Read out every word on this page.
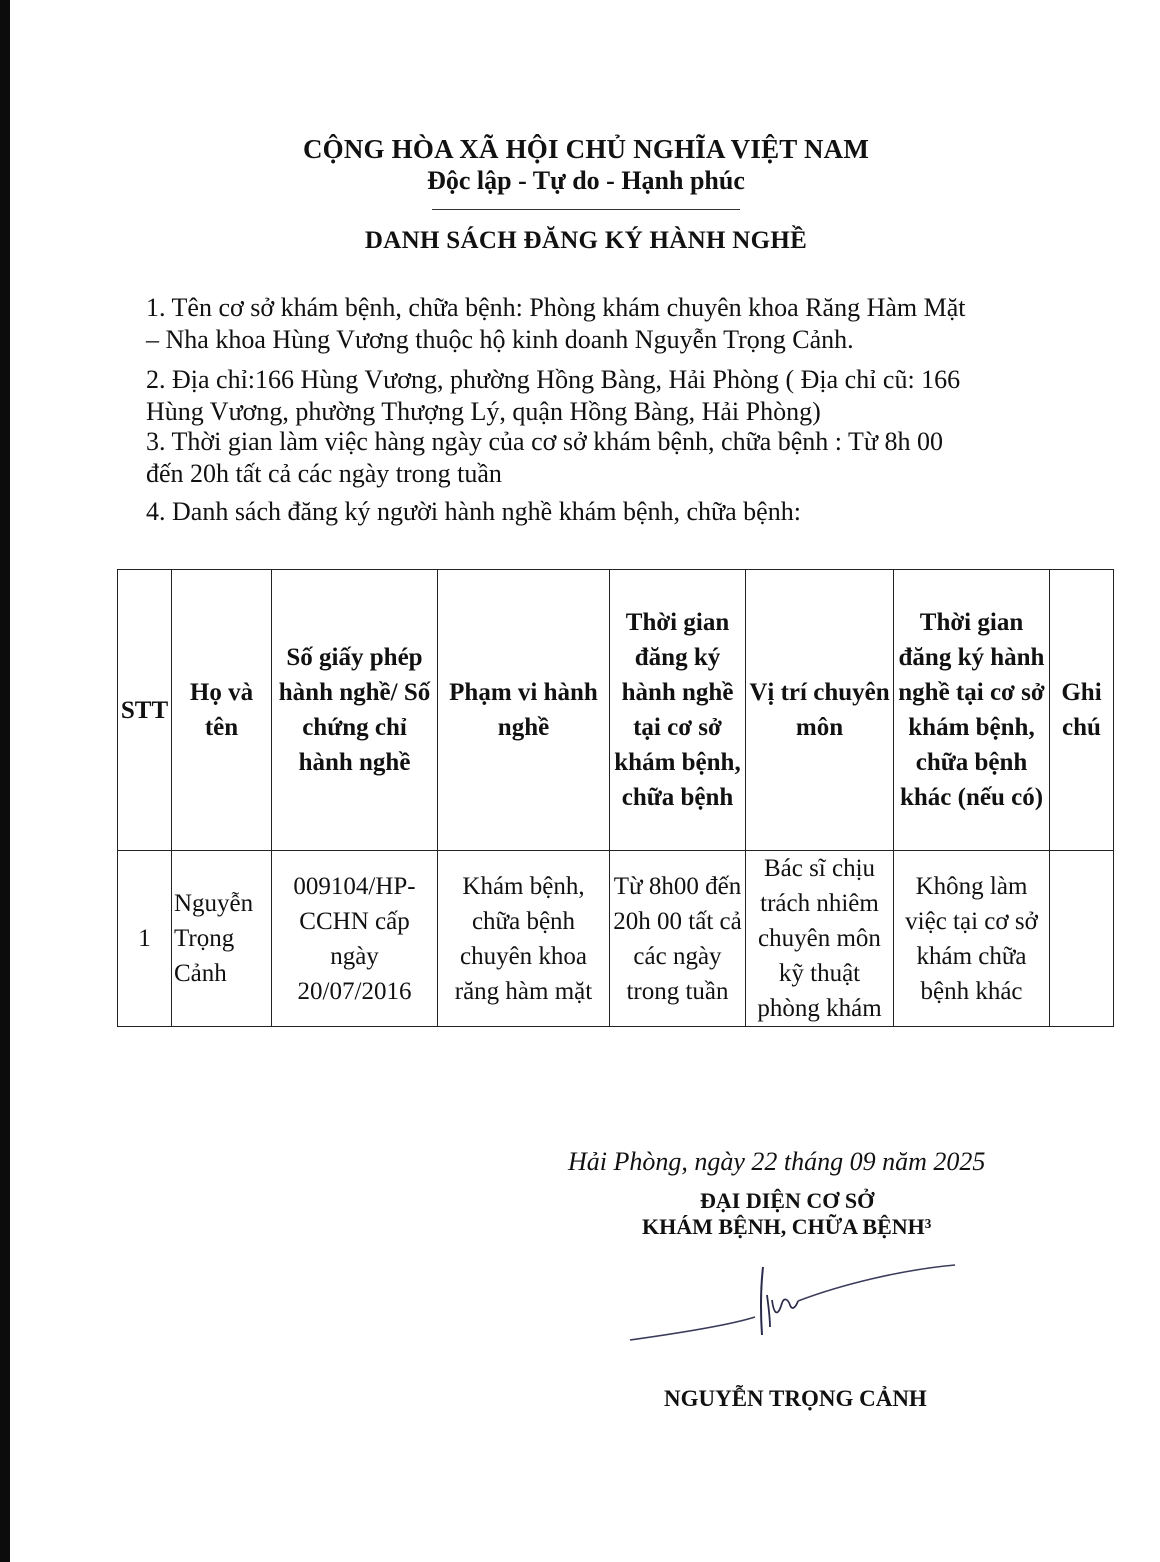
CỘNG HÒA XÃ HỘI CHỦ NGHĨA VIỆT NAM
Độc lập - Tự do - Hạnh phúc
DANH SÁCH ĐĂNG KÝ HÀNH NGHỀ
1. Tên cơ sở khám bệnh, chữa bệnh: Phòng khám chuyên khoa Răng Hàm Mặt
– Nha khoa Hùng Vương thuộc hộ kinh doanh Nguyễn Trọng Cảnh.
2. Địa chỉ:166 Hùng Vương, phường Hồng Bàng, Hải Phòng ( Địa chỉ cũ: 166
Hùng Vương, phường Thượng Lý, quận Hồng Bàng, Hải Phòng)
3. Thời gian làm việc hàng ngày của cơ sở khám bệnh, chữa bệnh : Từ 8h 00
đến 20h tất cả các ngày trong tuần
4. Danh sách đăng ký người hành nghề khám bệnh, chữa bệnh:
STT	Họ và tên	Số giấy phép hành nghề/ Số chứng chỉ hành nghề	Phạm vi hành nghề	Thời gian đăng ký hành nghề tại cơ sở khám bệnh, chữa bệnh	Vị trí chuyên môn	Thời gian đăng ký hành nghề tại cơ sở khám bệnh, chữa bệnh khác (nếu có)	Ghi chú
1	Nguyễn Trọng Cảnh	009104/HP-CCHN cấp ngày 20/07/2016	Khám bệnh, chữa bệnh chuyên khoa răng hàm mặt	Từ 8h00 đến 20h 00 tất cả các ngày trong tuần	Bác sĩ chịu trách nhiêm chuyên môn kỹ thuật phòng khám	Không làm việc tại cơ sở khám chữa bệnh khác	
Hải Phòng, ngày 22 tháng 09 năm 2025
ĐẠI DIỆN CƠ SỞ
KHÁM BỆNH, CHỮA BỆNH³
NGUYỄN TRỌNG CẢNH
